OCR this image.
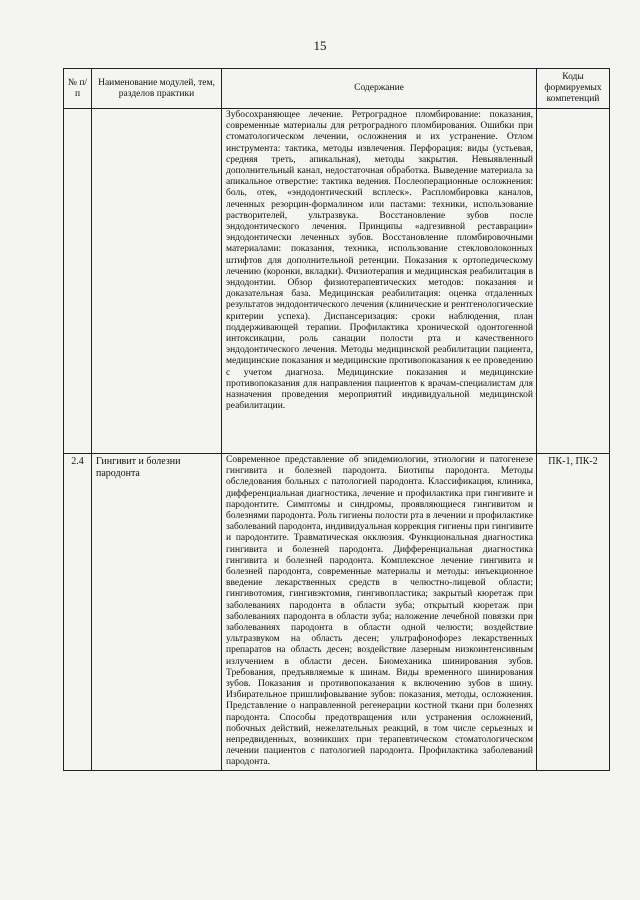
15
№ п/п	Наименование модулей, тем, разделов практики	Содержание	Коды формируемых компетенций
		Зубосохраняющее лечение. Ретроградное пломбирование: показания, современные материалы для ретроградного пломбирования. Ошибки при стоматологическом лечении, осложнения и их устранение. Отлом инструмента: тактика, методы извлечения. Перфорация: виды (устьевая, средняя треть, апикальная), методы закрытия. Невыявленный дополнительный канал, недостаточная обработка. Выведение материала за апикальное отверстие: тактика ведения. Послеоперационные осложнения: боль, отек, «эндодонтический всплеск». Распломбировка каналов, леченных резорцин-формалином или пастами: техники, использование растворителей, ультразвука. Восстановление зубов после эндодонтического лечения. Принципы «адгезивной реставрации» эндодонтически леченных зубов. Восстановление пломбировочными материалами: показания, техника, использование стекловолоконных штифтов для дополнительной ретенции. Показания к ортопедическому лечению (коронки, вкладки). Физиотерапия и медицинская реабилитация в эндодонтии. Обзор физиотерапевтических методов: показания и доказательная база. Медицинская реабилитация: оценка отдаленных результатов эндодонтического лечения (клинические и рентгенологические критерии успеха). Диспансеризация: сроки наблюдения, план поддерживающей терапии. Профилактика хронической одонтогенной интоксикации, роль санации полости рта и качественного эндодонтического лечения. Методы медицинской реабилитации пациента, медицинские показания и медицинские противопоказания к ее проведению с учетом диагноза. Медицинские показания и медицинские противопоказания для направления пациентов к врачам-специалистам для назначения проведения мероприятий индивидуальной медицинской реабилитации.	
2.4	Гингивит и болезни пародонта	Современное представление об эпидемиологии, этиологии и патогенезе гингивита и болезней пародонта. Биотипы пародонта. Методы обследования больных с патологией пародонта. Классификация, клиника, дифференциальная диагностика, лечение и профилактика при гингивите и пародонтите. Симптомы и синдромы, проявляющиеся гингивитом и болезнями пародонта. Роль гигиены полости рта в лечении и профилактике заболеваний пародонта, индивидуальная коррекция гигиены при гингивите и пародонтите. Травматическая окклюзия. Функциональная диагностика гингивита и болезней пародонта. Дифференциальная диагностика гингивита и болезней пародонта. Комплексное лечение гингивита и болезней пародонта, современные материалы и методы: инъекционное введение лекарственных средств в челюстно-лицевой области; гингивотомия, гингивэктомия, гингивопластика; закрытый кюретаж при заболеваниях пародонта в области зуба; открытый кюретаж при заболеваниях пародонта в области зуба; наложение лечебной повязки при заболеваниях пародонта в области одной челюсти; воздействие ультразвуком на область десен; ультрафонофорез лекарственных препаратов на область десен; воздействие лазерным низкоинтенсивным излучением в области десен. Биомеханика шинирования зубов. Требования, предъявляемые к шинам. Виды временного шинирования зубов. Показания и противопоказания к включению зубов в шину. Избирательное пришлифовывание зубов: показания, методы, осложнения. Представление о направленной регенерации костной ткани при болезнях пародонта. Способы предотвращения или устранения осложнений, побочных действий, нежелательных реакций, в том числе серьезных и непредвиденных, возникших при терапевтическом стоматологическом лечении пациентов с патологией пародонта. Профилактика заболеваний пародонта.	ПК-1, ПК-2
